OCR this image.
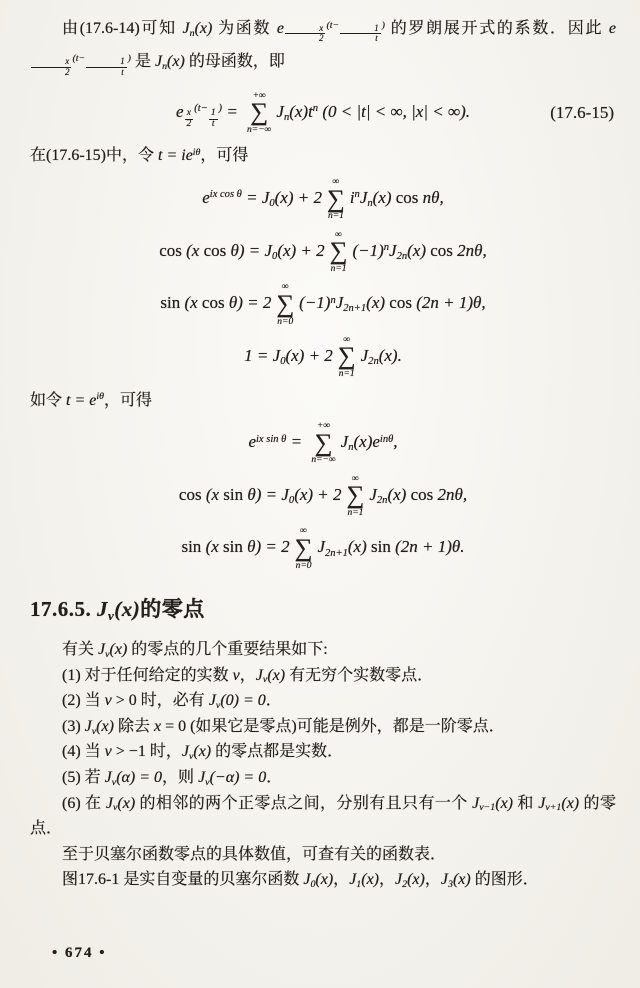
由(17.6-14)可知 $J_n(x)$ 为函数 e $^{\frac{x}{2} (t- \frac{1}{t} )}$ 的罗朗展开式的系数．因此 e
$^{\frac{x}{2} (t- \frac{1}{t} )}$ 是 $J_n(x)$ 的母函数，即

e $^{\frac{x}{2} (t- \frac{1}{t} )}$ =
+∞
∑
n=−∞
$J_n(x)t^n$ (0 < |t| < ∞, |x| < ∞).	(17.6-15)

在(17.6-15)中，令 $t = ie^{i\theta}$，可得

$e^{ix cos \theta} = J_0(x) + 2$
∞
∑
n=1
$i^nJ_n(x)$ cos nθ,
cos (x $\cos \theta) = J_0(x) + 2$
∞
∑
n=1
$(-1)^nJ_{2n}(x)$ cos 2nθ,
sin (x cos θ) = 2
∞
∑
n=0
$(-1)^nJ_{2n+1}(x)$ cos (2n + 1)θ,
$1 = J_0(x) + 2$
∞
∑
n=1
$J_{2n}(x)$.

如令 $t = e^{i\theta}$，可得

$e^{ix sin \theta}$ =
+∞
∑
n=−∞
$J_n(x)e^{in\theta}$,
cos (x $\sin \theta) = J_0(x) + 2$
∞
∑
n=1
$J_{2n}(x)$ cos 2nθ,
sin (x sin θ) = 2
∞
∑
n=0
$J_{2n+1}(x)$ sin (2n + 1)θ.
17.6.5. $J_\nu(x)$的零点

有关 $J_\nu(x)$ 的零点的几个重要结果如下:

(1) 对于任何给定的实数 ν，$J_\nu(x)$ 有无穷个实数零点．

(2) 当 ν > 0 时，必有 $J_\nu(0) = 0$．

(3) $J_\nu(x)$ 除去 x = 0 (如果它是零点)可能是例外，都是一阶零点．

(4) 当 ν > −1 时，$J_\nu(x)$ 的零点都是实数．

(5) 若 $J_\nu(\alpha) = 0$，则 $J_\nu(-\alpha) = 0$．

(6) 在 $J_\nu(x)$ 的相邻的两个正零点之间，分别有且只有一个 $J_{\nu-1}(x)$ 和 $J_{\nu+1}(x)$ 的零点．

至于贝塞尔函数零点的具体数值，可查有关的函数表．

图17.6-1 是实自变量的贝塞尔函数 $J_0(x)$，$J_1(x)$，$J_2(x)$，$J_3(x)$ 的图形．

• 674 •
